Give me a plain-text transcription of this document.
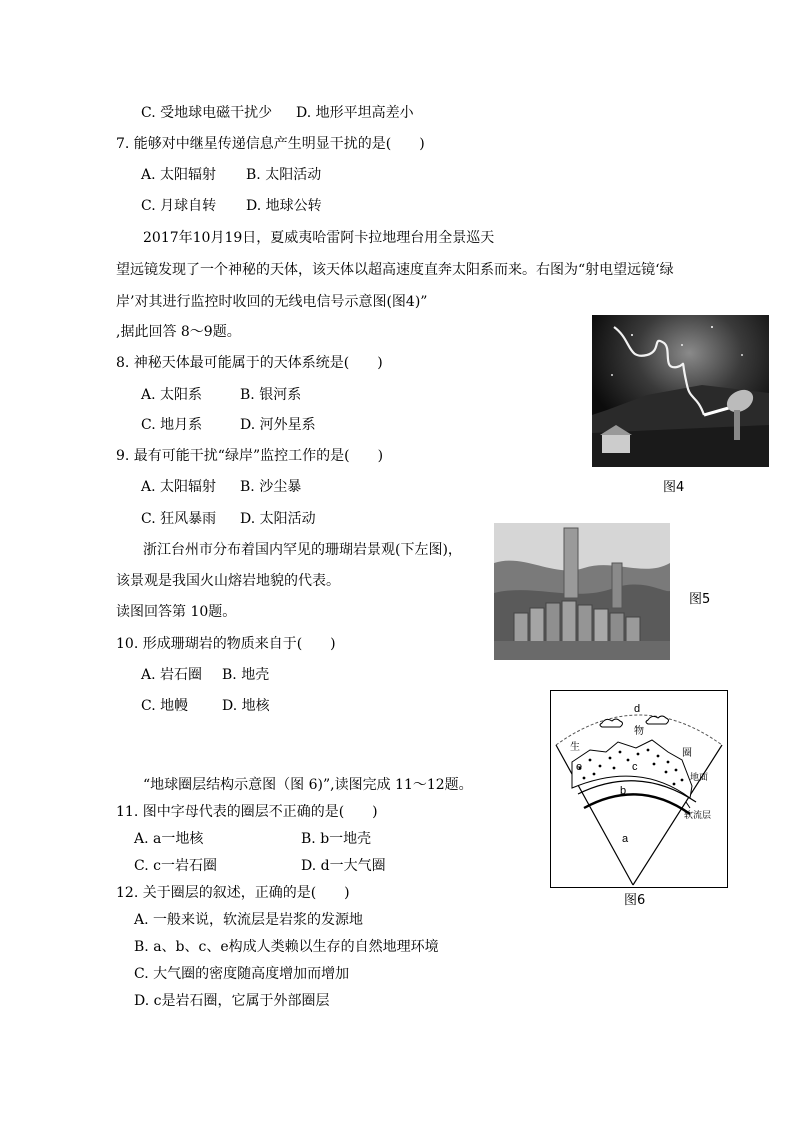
C. 受地球电磁干扰少 D. 地形平坦高差小
7. 能够对中继星传递信息产生明显干扰的是(　　)
A. 太阳辐射 B. 太阳活动
C. 月球自转 D. 地球公转
2017年10月19日，夏威夷哈雷阿卡拉地理台用全景巡天
望远镜发现了一个神秘的天体，该天体以超高速度直奔太阳系而来。右图为“射电望远镜‘绿
岸’对其进行监控时收回的无线电信号示意图(图4)”
,据此回答 8～9题。
图4
8. 神秘天体最可能属于的天体系统是(　　)
A. 太阳系	B. 银河系
C. 地月系	D. 河外星系
9. 最有可能干扰“绿岸”监控工作的是(　　)
A. 太阳辐射 B. 沙尘暴
C. 狂风暴雨 D. 太阳活动
浙江台州市分布着国内罕见的珊瑚岩景观(下左图)，
该景观是我国火山熔岩地貌的代表。
读图回答第 10题。
图5
10. 形成珊瑚岩的物质来自于(　　)
A. 岩石圈 B. 地壳
C. 地幔 D. 地核
“地球圈层结构示意图（图 6)”,读图完成 11～12题。
11. 图中字母代表的圈层不正确的是(　　)
A. a一地核	B. b一地壳
C. c一岩石圈	D. d一大气圈
12. 关于圈层的叙述，正确的是(　　)
A. 一般来说，软流层是岩浆的发源地
B. a、b、c、e构成人类赖以生存的自然地理环境
C. 大气圈的密度随高度增加而增加
D. c是岩石圈，它属于外部圈层
d
物
生
圈
e	c
地面
b
软流层
a
图6
